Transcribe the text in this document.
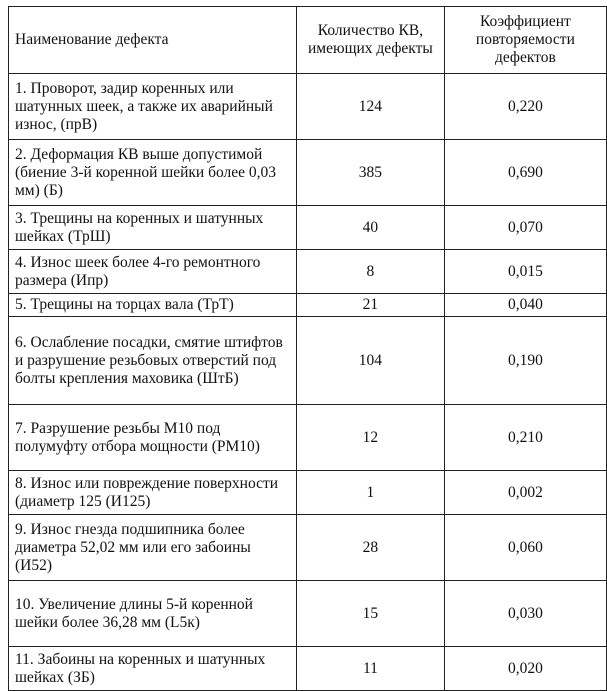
Наименование дефекта	Количество КВ, имеющих дефекты	Коэффициент повторяемости дефектов
1. Проворот, задир коренных или шатунных шеек, а также их аварийный износ, (прВ)	124	0,220
2. Деформация КВ выше допустимой (биение 3-й коренной шейки более 0,03 мм) (Б)	385	0,690
3. Трещины на коренных и шатунных шейках (ТрШ)	40	0,070
4. Износ шеек более 4-го ремонтного размера (Ипр)	8	0,015
5. Трещины на торцах вала (ТрТ)	21	0,040
6. Ослабление посадки, смятие штифтов и разрушение резьбовых отверстий под болты крепления маховика (ШтБ)	104	0,190
7. Разрушение резьбы М10 под полумуфту отбора мощности (РМ10)	12	0,210
8. Износ или повреждение поверхности (диаметр 125 (И125)	1	0,002
9. Износ гнезда подшипника более диаметра 52,02 мм или его забоины (И52)	28	0,060
10. Увеличение длины 5-й коренной шейки более 36,28 мм (L5к)	15	0,030
11. Забоины на коренных и шатунных шейках (ЗБ)	11	0,020
